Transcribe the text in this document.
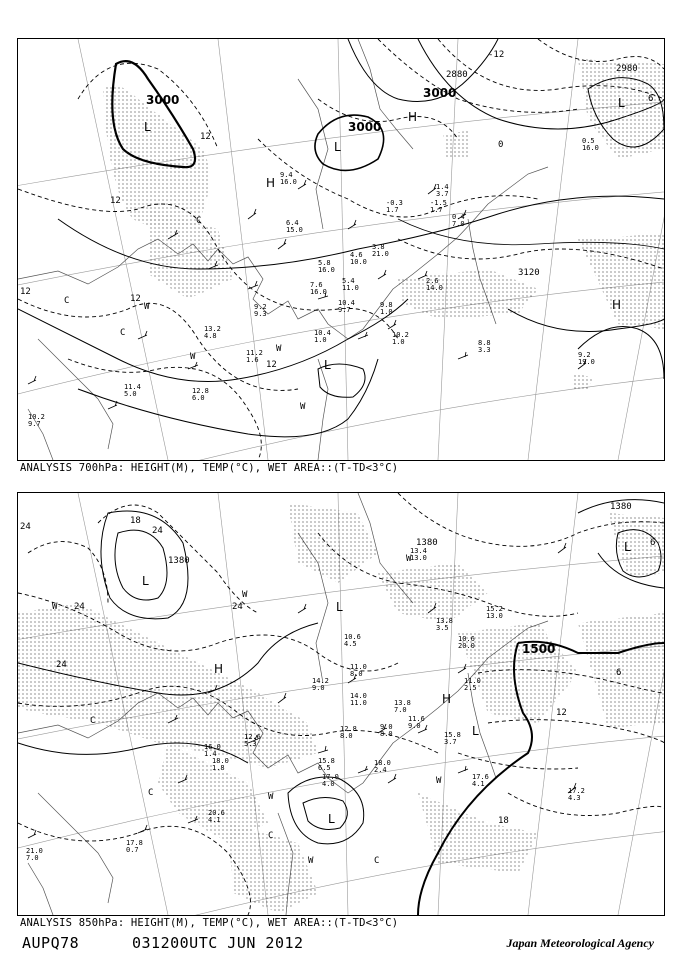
3000
3000
3000
2880
2980
3120
12
12
12
12
12
-12
6
0
L
L
L
L
H
H
H
C
C
C
W
W
W
W
9.4
16.0
6.4
15.0
5.8
16.0
4.6
10.0
7.6
16.0
10.4
9.7
9.2
9.3
13.2
4.8
12.8
6.0
11.2
1.6
10.4
1.0
9.8
1.0
10.2
1.0
5.4
11.0
3.8
21.0
2.6
14.0
1.4
3.7
0.4
7.0
-0.3
1.7
8.8
3.3
9.2
19.0
10.2
9.7
11.4
5.0
0.5
16.0
-1.5
1.7
ANALYSIS 700hPa: HEIGHT(M), TEMP(°C), WET AREA::(T-TD<3°C)
1380
1380
1380
1500
18
24
24
24
24
12
6
6
18
24
L
L
L
L
L
H
H
W
W
W
W
W
W
C
C
C
C
15.2
13.0
13.8
3.5
10.6
20.0
11.0
2.5
14.0
11.0	13.8
7.0
12.8
8.0
14.2
9.0
15.8
6.5
17.0
4.0
18.0
2.4
17.6
4.1
17.2
4.3
20.6
4.1
21.0
7.0
17.8
0.7
18.0
1.8
13.4
13.0
10.6
4.5
11.0
8.0
16.0
1.4
12.6
5.3
9.0
8.0
11.6
9.0
15.8
3.7
ANALYSIS 850hPa: HEIGHT(M), TEMP(°C), WET AREA::(T-TD<3°C)
AUPQ78	031200UTC JUN 2012	Japan Meteorological Agency
